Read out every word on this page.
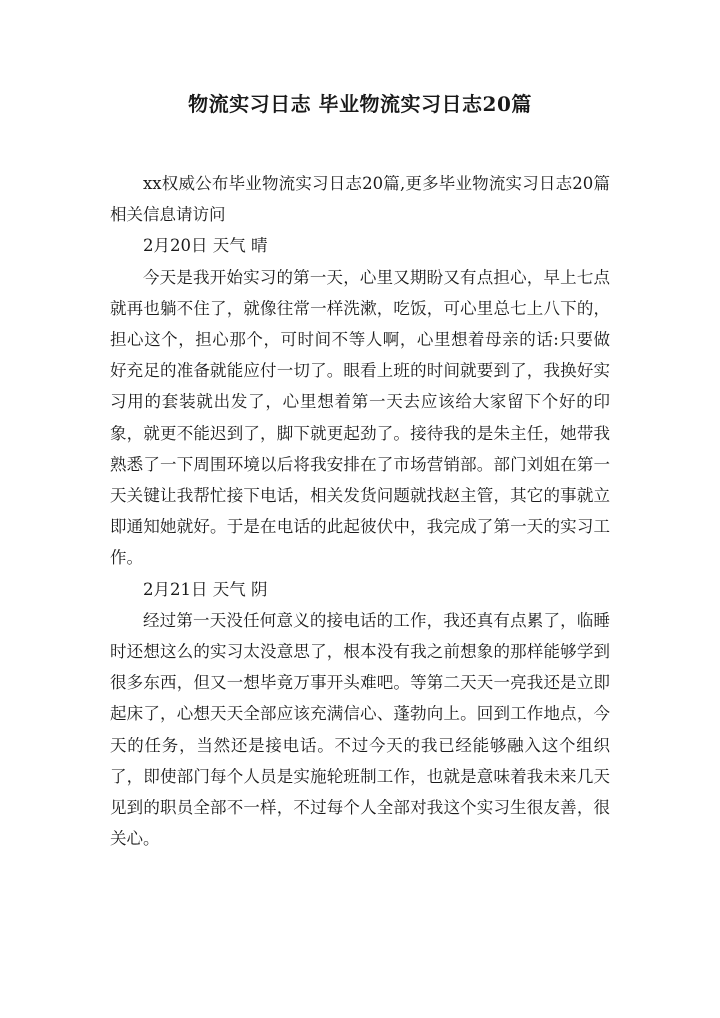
物流实习日志 毕业物流实习日志20篇

xx权威公布毕业物流实习日志20篇,更多毕业物流实习日志20篇相关信息请访问

2月20日 天气 晴

今天是我开始实习的第一天，心里又期盼又有点担心，早上七点就再也躺不住了，就像往常一样洗漱，吃饭，可心里总七上八下的，担心这个，担心那个，可时间不等人啊，心里想着母亲的话:只要做好充足的准备就能应付一切了。眼看上班的时间就要到了，我换好实习用的套装就出发了，心里想着第一天去应该给大家留下个好的印象，就更不能迟到了，脚下就更起劲了。接待我的是朱主任，她带我熟悉了一下周围环境以后将我安排在了市场营销部。部门刘姐在第一天关键让我帮忙接下电话，相关发货问题就找赵主管，其它的事就立即通知她就好。于是在电话的此起彼伏中，我完成了第一天的实习工作。

2月21日 天气 阴

经过第一天没任何意义的接电话的工作，我还真有点累了，临睡时还想这么的实习太没意思了，根本没有我之前想象的那样能够学到很多东西，但又一想毕竟万事开头难吧。等第二天天一亮我还是立即起床了，心想天天全部应该充满信心、蓬勃向上。回到工作地点，今天的任务，当然还是接电话。不过今天的我已经能够融入这个组织了，即使部门每个人员是实施轮班制工作，也就是意味着我未来几天见到的职员全部不一样，不过每个人全部对我这个实习生很友善，很关心。
